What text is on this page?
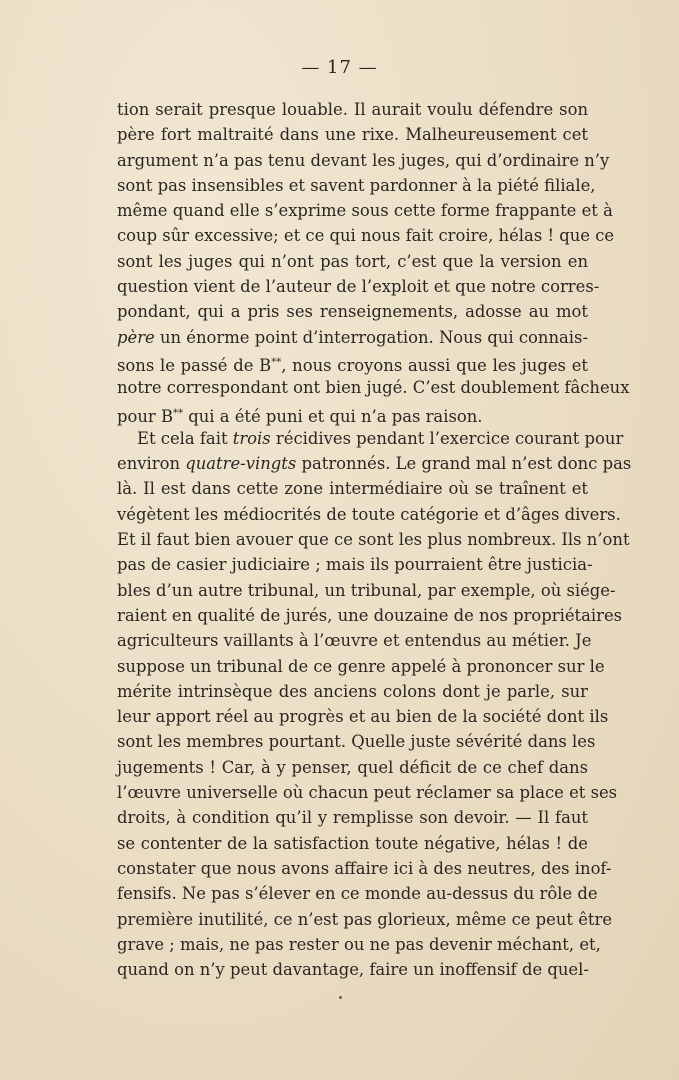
— 17 —
tion serait presque louable. Il aurait voulu défendre son
père fort maltraité dans une rixe. Malheureusement cet
argument n’a pas tenu devant les juges, qui d’ordinaire n’y
sont pas insensibles et savent pardonner à la piété filiale,
même quand elle s’exprime sous cette forme frappante et à
coup sûr excessive; et ce qui nous fait croire, hélas ! que ce
sont les juges qui n’ont pas tort, c’est que la version en
question vient de l’auteur de l’exploit et que notre corres-
pondant, qui a pris ses renseignements, adosse au mot
père un énorme point d’interrogation. Nous qui connais-
sons le passé de B**, nous croyons aussi que les juges et
notre correspondant ont bien jugé. C’est doublement fâcheux
pour B** qui a été puni et qui n’a pas raison.
Et cela fait trois récidives pendant l’exercice courant pour
environ quatre-vingts patronnés. Le grand mal n’est donc pas
là. Il est dans cette zone intermédiaire où se traînent et
végètent les médiocrités de toute catégorie et d’âges divers.
Et il faut bien avouer que ce sont les plus nombreux. Ils n’ont
pas de casier judiciaire ; mais ils pourraient être justicia-
bles d’un autre tribunal, un tribunal, par exemple, où siége-
raient en qualité de jurés, une douzaine de nos propriétaires
agriculteurs vaillants à l’œuvre et entendus au métier. Je
suppose un tribunal de ce genre appelé à prononcer sur le
mérite intrinsèque des anciens colons dont je parle, sur
leur apport réel au progrès et au bien de la société dont ils
sont les membres pourtant. Quelle juste sévérité dans les
jugements ! Car, à y penser, quel déficit de ce chef dans
l’œuvre universelle où chacun peut réclamer sa place et ses
droits, à condition qu’il y remplisse son devoir. — Il faut
se contenter de la satisfaction toute négative, hélas ! de
constater que nous avons affaire ici à des neutres, des inof-
fensifs. Ne pas s’élever en ce monde au-dessus du rôle de
première inutilité, ce n’est pas glorieux, même ce peut être
grave ; mais, ne pas rester ou ne pas devenir méchant, et,
quand on n’y peut davantage, faire un inoffensif de quel-
